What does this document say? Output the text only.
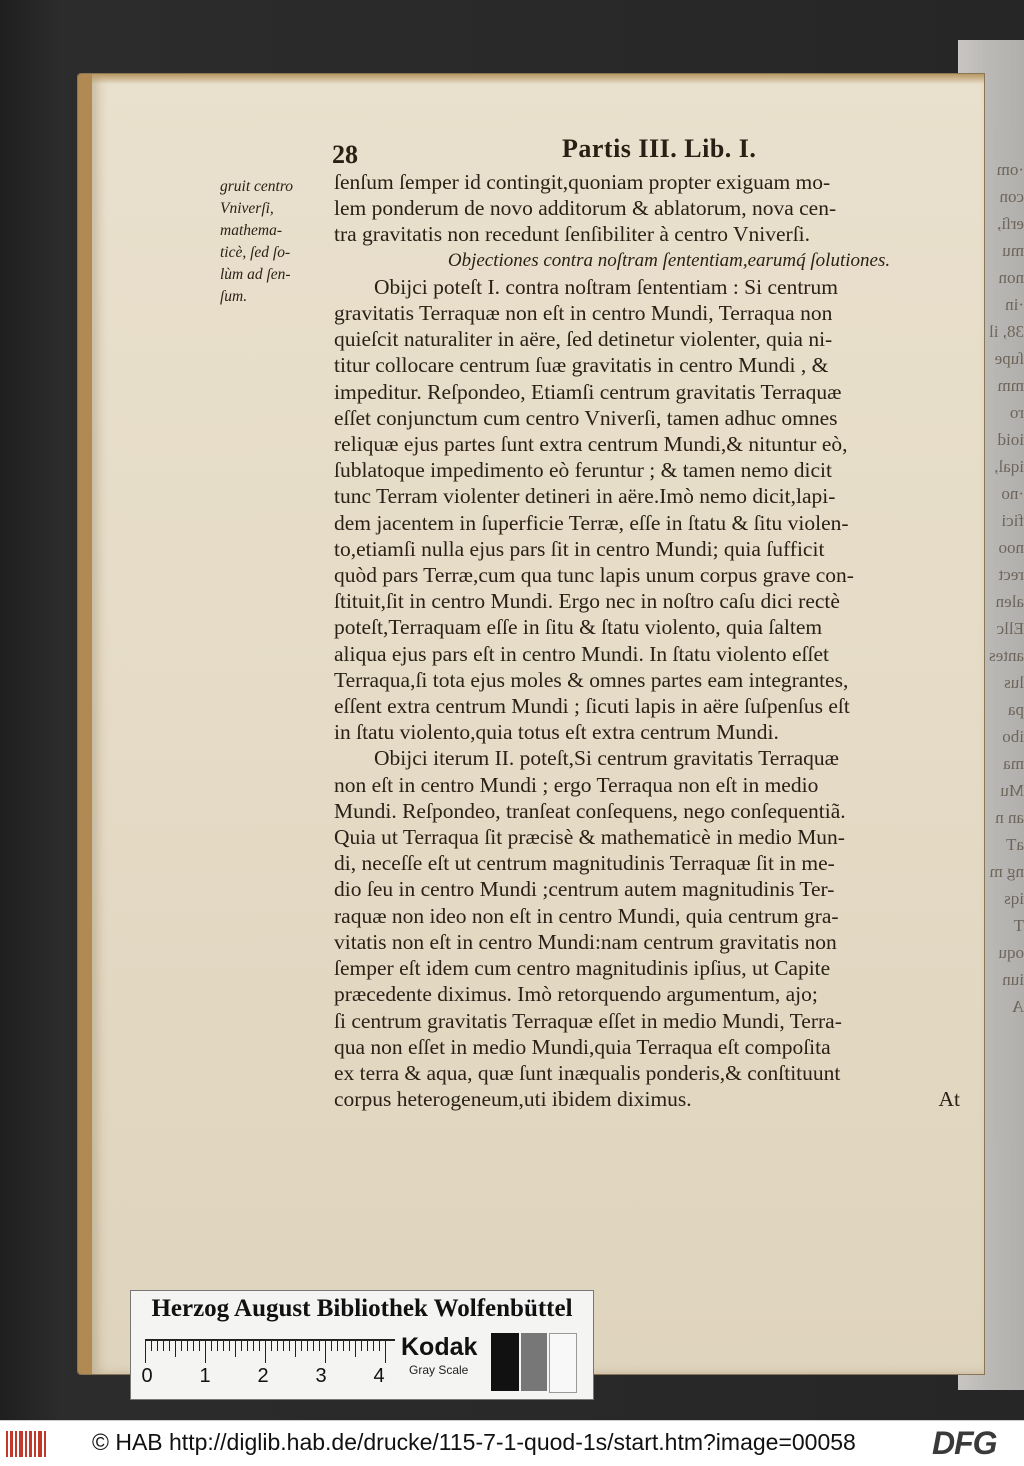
·om
con
erſi,
mu
non
·in
38, il
ſupe
mm
ro
ioid
iqal,
·no
fici
noo
rect
alen
Ellc
antes
lus
pa
ibo
ma
Mu
an n
aT
ng m
iqs
T
oqu
iun
A
28	Partis III. Lib. I.
gruit centro
Vniverſi,
mathema-
ticè, ſed ſo-
lùm ad ſen-
ſum.
ſenſum ſemper id contingit,quoniam propter exiguam mo-
lem ponderum de novo additorum & ablatorum, nova cen-
tra gravitatis non recedunt ſenſibiliter à centro Vniverſi.
Objectiones contra noſtram ſententiam,earumq́ ſolutiones.
Obijci poteſt I. contra noſtram ſententiam : Si centrum
gravitatis Terraquæ non eſt in centro Mundi, Terraqua non
quieſcit naturaliter in aëre, ſed detinetur violenter, quia ni-
titur collocare centrum ſuæ gravitatis in centro Mundi , &
impeditur. Reſpondeo, Etiamſi centrum gravitatis Terraquæ
eſſet conjunctum cum centro Vniverſi, tamen adhuc omnes
reliquæ ejus partes ſunt extra centrum Mundi,& nituntur eò,
ſublatoque impedimento eò feruntur ; & tamen nemo dicit
tunc Terram violenter detineri in aëre.Imò nemo dicit,lapi-
dem jacentem in ſuperficie Terræ, eſſe in ſtatu & ſitu violen-
to,etiamſi nulla ejus pars ſit in centro Mundi; quia ſufficit
quòd pars Terræ,cum qua tunc lapis unum corpus grave con-
ſtituit,ſit in centro Mundi. Ergo nec in noſtro caſu dici rectè
poteſt,Terraquam eſſe in ſitu & ſtatu violento, quia ſaltem
aliqua ejus pars eſt in centro Mundi. In ſtatu violento eſſet
Terraqua,ſi tota ejus moles & omnes partes eam integrantes,
eſſent extra centrum Mundi ; ſicuti lapis in aëre ſuſpenſus eſt
in ſtatu violento,quia totus eſt extra centrum Mundi.
Obijci iterum II. poteſt,Si centrum gravitatis Terraquæ
non eſt in centro Mundi ; ergo Terraqua non eſt in medio
Mundi. Reſpondeo, tranſeat conſequens, nego conſequentiã.
Quia ut Terraqua ſit præcisè & mathematicè in medio Mun-
di, neceſſe eſt ut centrum magnitudinis Terraquæ ſit in me-
dio ſeu in centro Mundi ;centrum autem magnitudinis Ter-
raquæ non ideo non eſt in centro Mundi, quia centrum gra-
vitatis non eſt in centro Mundi:nam centrum gravitatis non
ſemper eſt idem cum centro magnitudinis ipſius, ut Capite
præcedente diximus. Imò retorquendo argumentum, ajo;
ſi centrum gravitatis Terraquæ eſſet in medio Mundi, Terra-
qua non eſſet in medio Mundi,quia Terraqua eſt compoſita
ex terra & aqua, quæ ſunt inæqualis ponderis,& conſtituunt
corpus heterogeneum,uti ibidem diximus.	At
Herzog August Bibliothek Wolfenbüttel
0 1 2 3 4
Kodak
Gray Scale
© HAB http://diglib.hab.de/drucke/115-7-1-quod-1s/start.htm?image=00058 DFG
